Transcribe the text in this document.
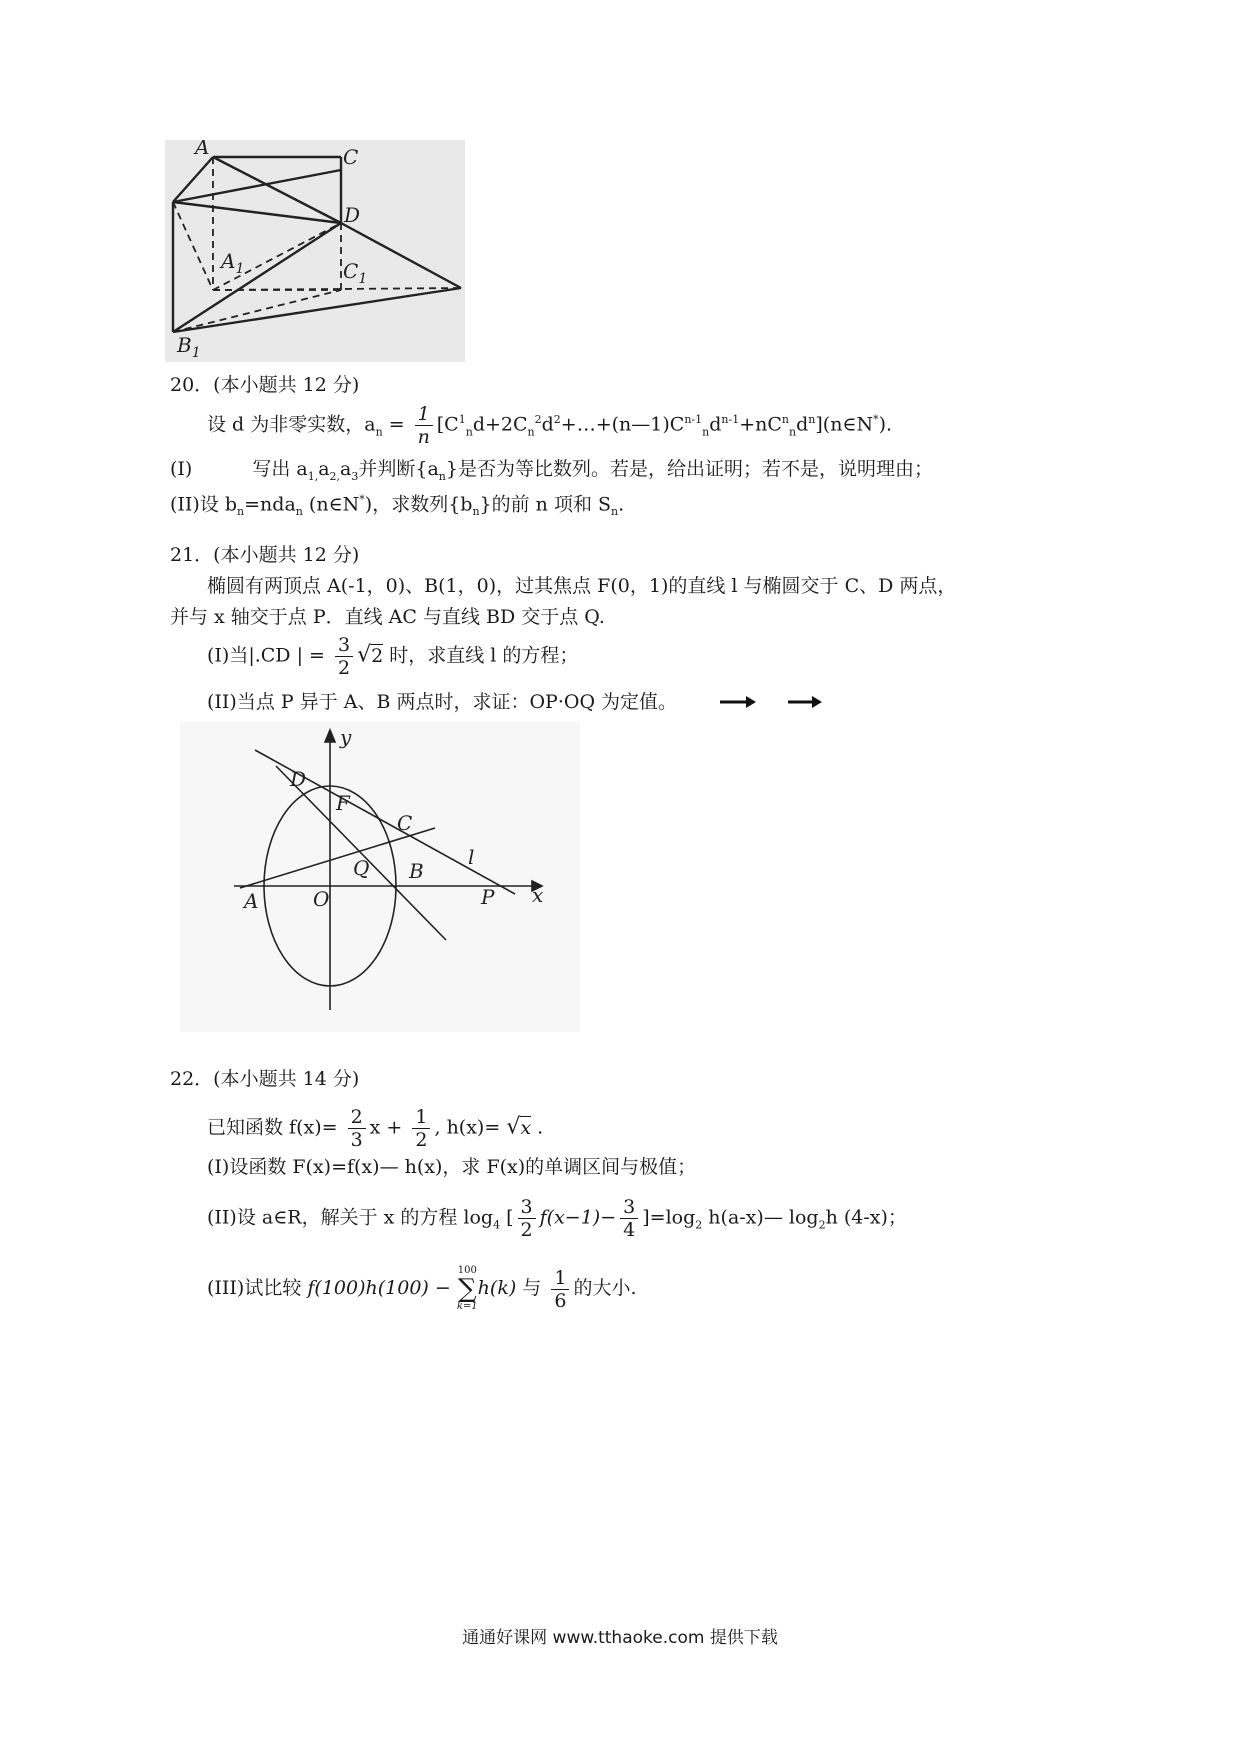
A	C
D
$A_1$	$C_1$
$B_1$
20．(本小题共 12 分)
设 d 为非零实数，$a_n = \frac{1}{n}$ $[C^1_nd+2C_n^2d^2+\dots+(n—1)C^{n-1}_nd^{n-1}+nC^n_nd^n](n\in N^*)$.
(I)	写出 $a_{1,}a_{2,}a_3$并判断$\{a_n\}$是否为等比数列。若是，给出证明；若不是，说明理由；
(II)设 $b_n=nda_n$ (n∈N*)，求数列$\{b_n\}$的前 n 项和 $S_n$.
21．(本小题共 12 分)
椭圆有两顶点 A(-1，0)、B(1，0)，过其焦点 F(0，1)的直线 l 与椭圆交于 C、D 两点，
并与 x 轴交于点 P．直线 AC 与直线 BD 交于点 Q.
(I)当|.CD | = $\frac{3}{2} √2$ 时，求直线 l 的方程；
(II)当点 P 异于 A、B 两点时，求证：OP·OQ 为定值。
y
x
D
F
C
l
Q B
A	O	P
22．(本小题共 14 分)
已知函数 $f(x)= \frac{2}{3}$ $x + \frac{1}{2}$ , h(x)= √x .
(I)设函数 F(x)=f(x)— h(x)，求 F(x)的单调区间与极值；
(II)设 a∈R，解关于 x 的方程 $\log_4$ [ $\frac{3}{2} f(x-1)- \frac{3}{4} ]=\log_2$ h(a-x)— $\log_2h$ (4-x)；
(III)试比较 f(100)h(100) −
100
∑
k=1
h(k) 与 $\frac{1}{6}$ 的大小.
通通好课网 www.tthaoke.com 提供下载
